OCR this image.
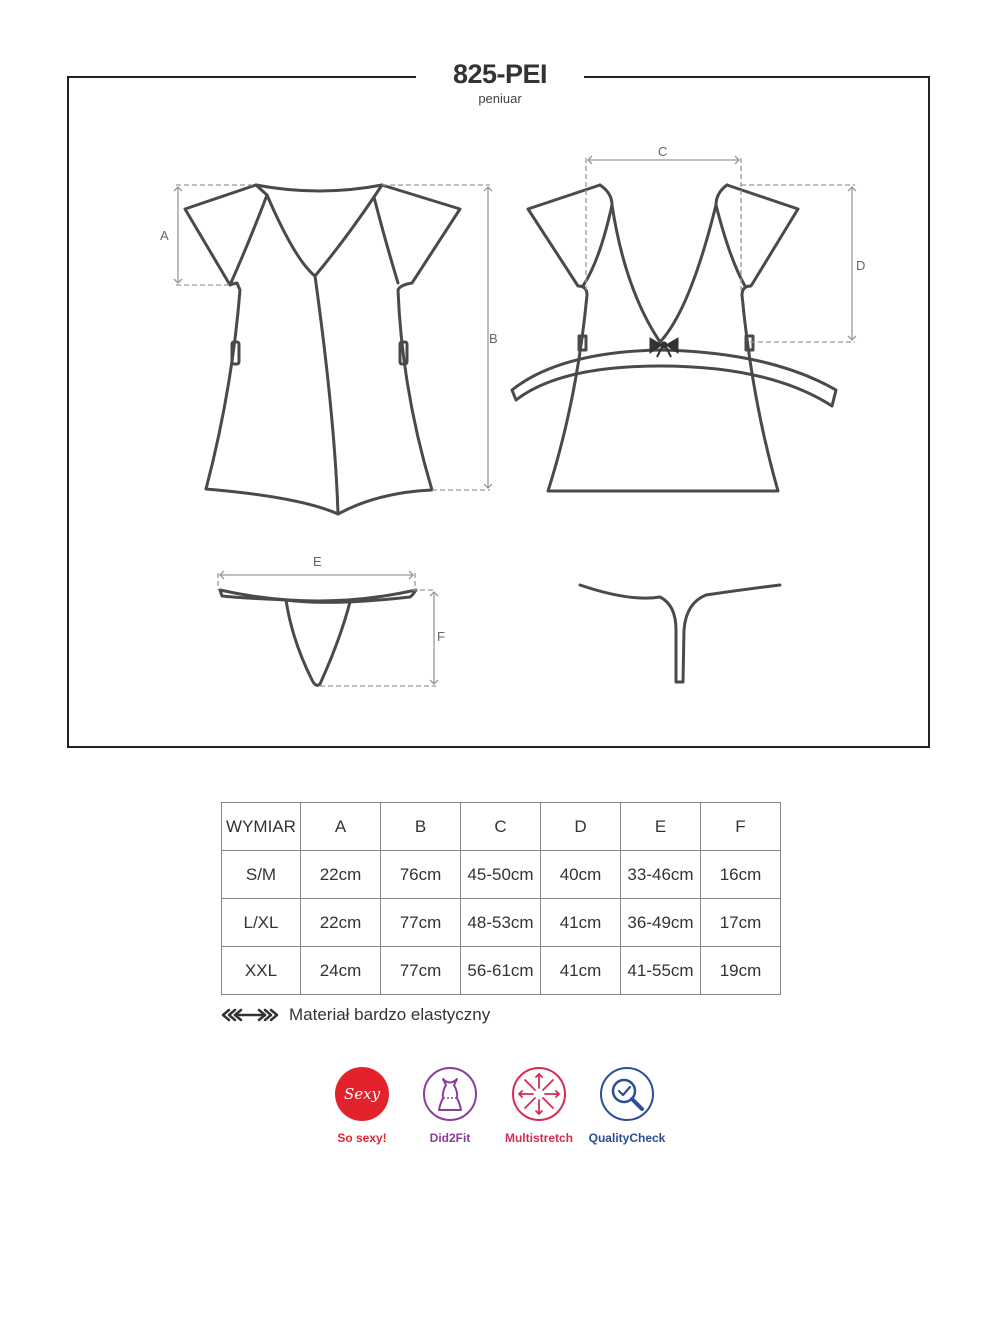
A
B
C
D
E
F
825-PEI
peniuar
WYMIAR	A	B	C	D	E	F
S/M	22cm	76cm	45-50cm	40cm	33-46cm	16cm
L/XL	22cm	77cm	48-53cm	41cm	36-49cm	17cm
XXL	24cm	77cm	56-61cm	41cm	41-55cm	19cm
Materiał bardzo elastyczny
Sexy
So sexy!	Did2Fit	Multistretch	QualityCheck
